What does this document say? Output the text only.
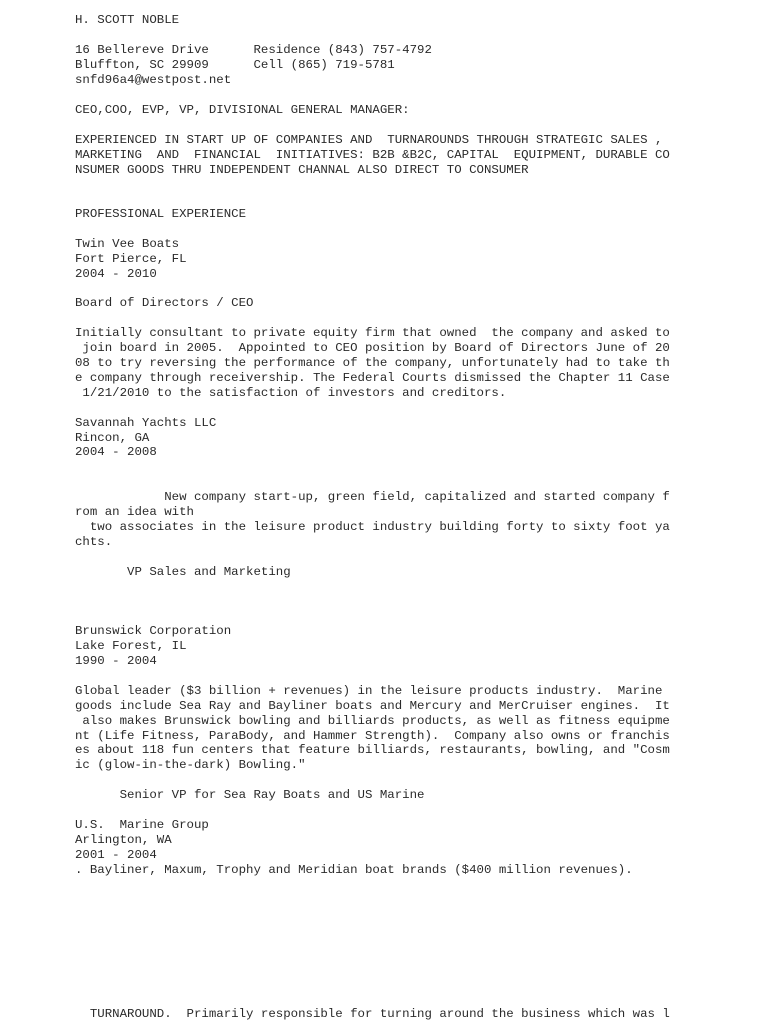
H. SCOTT NOBLE
16 Bellereve Drive      Residence (843) 757-4792
Bluffton, SC 29909      Cell (865) 719-5781
snfd96a4@westpost.net
CEO,COO, EVP, VP, DIVISIONAL GENERAL MANAGER:
EXPERIENCED IN START UP OF COMPANIES AND  TURNAROUNDS THROUGH STRATEGIC SALES ,
MARKETING  AND  FINANCIAL  INITIATIVES: B2B &B2C, CAPITAL  EQUIPMENT, DURABLE CO
NSUMER GOODS THRU INDEPENDENT CHANNAL ALSO DIRECT TO CONSUMER
PROFESSIONAL EXPERIENCE
Twin Vee Boats
Fort Pierce, FL
2004 - 2010
Board of Directors / CEO
Initially consultant to private equity firm that owned  the company and asked to
join board in 2005.  Appointed to CEO position by Board of Directors June of 20
08 to try reversing the performance of the company, unfortunately had to take th
e company through receivership. The Federal Courts dismissed the Chapter 11 Case
1/21/2010 to the satisfaction of investors and creditors.
Savannah Yachts LLC
Rincon, GA
2004 - 2008
New company start-up, green field, capitalized and started company f
rom an idea with
two associates in the leisure product industry building forty to sixty foot ya
chts.
VP Sales and Marketing
Brunswick Corporation
Lake Forest, IL
1990 - 2004
Global leader ($3 billion + revenues) in the leisure products industry.  Marine
goods include Sea Ray and Bayliner boats and Mercury and MerCruiser engines.  It
also makes Brunswick bowling and billiards products, as well as fitness equipme
nt (Life Fitness, ParaBody, and Hammer Strength).  Company also owns or franchis
es about 118 fun centers that feature billiards, restaurants, bowling, and "Cosm
ic (glow-in-the-dark) Bowling."
Senior VP for Sea Ray Boats and US Marine
U.S.  Marine Group
Arlington, WA
2001 - 2004
. Bayliner, Maxum, Trophy and Meridian boat brands ($400 million revenues).
TURNAROUND.  Primarily responsible for turning around the business which was l
